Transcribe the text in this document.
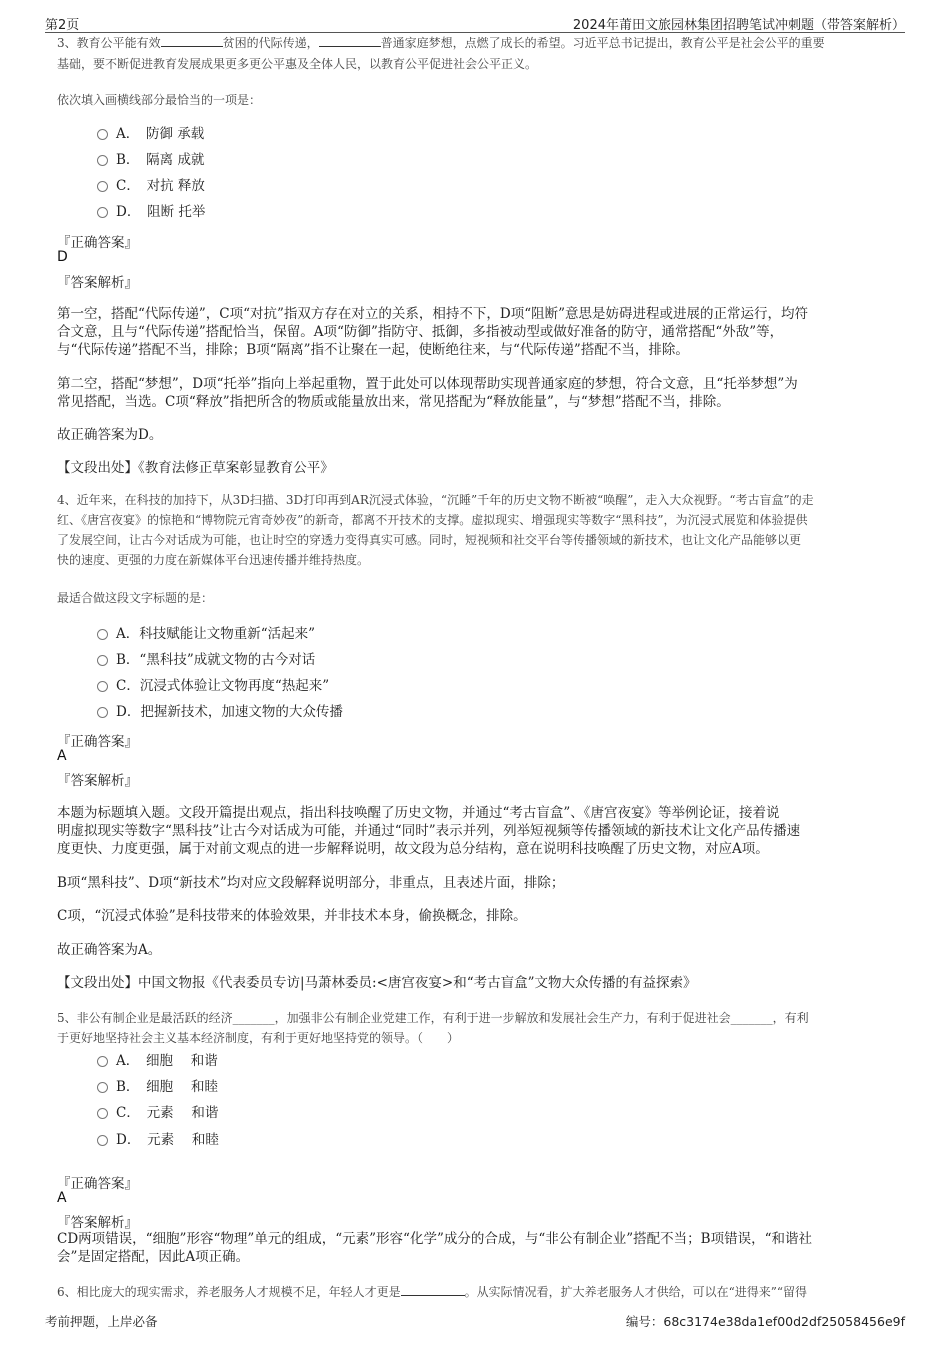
第2页	2024年莆田文旅园林集团招聘笔试冲刺题（带答案解析）
3、教育公平能有效	贫困的代际传递，	普通家庭梦想，点燃了成长的希望。习近平总书记提出，教育公平是社会公平的重要
基础，要不断促进教育发展成果更多更公平惠及全体人民，以教育公平促进社会公平正义。
依次填入画横线部分最恰当的一项是：
A．　防御 承载
B．　隔离 成就
C．　对抗 释放
D．　阻断 托举
『正确答案』
D
『答案解析』
第一空，搭配“代际传递”，C项“对抗”指双方存在对立的关系，相持不下，D项“阻断”意思是妨碍进程或进展的正常运行，均符
合文意，且与“代际传递”搭配恰当，保留。A项“防御”指防守、抵御，多指被动型或做好准备的防守，通常搭配“外敌”等，
与“代际传递”搭配不当，排除；B项“隔离”指不让聚在一起，使断绝往来，与“代际传递”搭配不当，排除。
第二空，搭配“梦想”，D项“托举”指向上举起重物，置于此处可以体现帮助实现普通家庭的梦想，符合文意，且“托举梦想”为
常见搭配，当选。C项“释放”指把所含的物质或能量放出来，常见搭配为“释放能量”，与“梦想”搭配不当，排除。
故正确答案为D。
【文段出处】《教育法修正草案彰显教育公平》
4、近年来，在科技的加持下，从3D扫描、3D打印再到AR沉浸式体验，“沉睡”千年的历史文物不断被“唤醒”，走入大众视野。“考古盲盒”的走
红、《唐宫夜宴》的惊艳和“博物院元宵奇妙夜”的新奇，都离不开技术的支撑。虚拟现实、增强现实等数字“黑科技”，为沉浸式展览和体验提供
了发展空间，让古今对话成为可能，也让时空的穿透力变得真实可感。同时，短视频和社交平台等传播领域的新技术，也让文化产品能够以更
快的速度、更强的力度在新媒体平台迅速传播并维持热度。
最适合做这段文字标题的是：
A．科技赋能让文物重新“活起来”
B．“黑科技”成就文物的古今对话
C．沉浸式体验让文物再度“热起来”
D．把握新技术，加速文物的大众传播
『正确答案』
A
『答案解析』
本题为标题填入题。文段开篇提出观点，指出科技唤醒了历史文物，并通过“考古盲盒”、《唐宫夜宴》等举例论证，接着说
明虚拟现实等数字“黑科技”让古今对话成为可能，并通过“同时”表示并列，列举短视频等传播领域的新技术让文化产品传播速
度更快、力度更强，属于对前文观点的进一步解释说明，故文段为总分结构，意在说明科技唤醒了历史文物，对应A项。
B项“黑科技”、D项“新技术”均对应文段解释说明部分，非重点，且表述片面，排除；
C项，“沉浸式体验”是科技带来的体验效果，并非技术本身，偷换概念，排除。
故正确答案为A。
【文段出处】中国文物报《代表委员专访|马萧林委员:<唐宫夜宴>和“考古盲盒”文物大众传播的有益探索》
5、非公有制企业是最活跃的经济_______，加强非公有制企业党建工作，有利于进一步解放和发展社会生产力，有利于促进社会_______，有利
于更好地坚持社会主义基本经济制度，有利于更好地坚持党的领导。（　　）
A．　细胞　 和谐
B．　细胞　 和睦
C．　元素　 和谐
D．　元素　 和睦
『正确答案』
A
『答案解析』
CD两项错误，“细胞”形容“物理”单元的组成，“元素”形容“化学”成分的合成，与“非公有制企业”搭配不当；B项错误，“和谐社
会”是固定搭配，因此A项正确。
6、相比庞大的现实需求，养老服务人才规模不足，年轻人才更是	。从实际情况看，扩大养老服务人才供给，可以在“进得来”“留得
考前押题，上岸必备	编号：68c3174e38da1ef00d2df25058456e9f
